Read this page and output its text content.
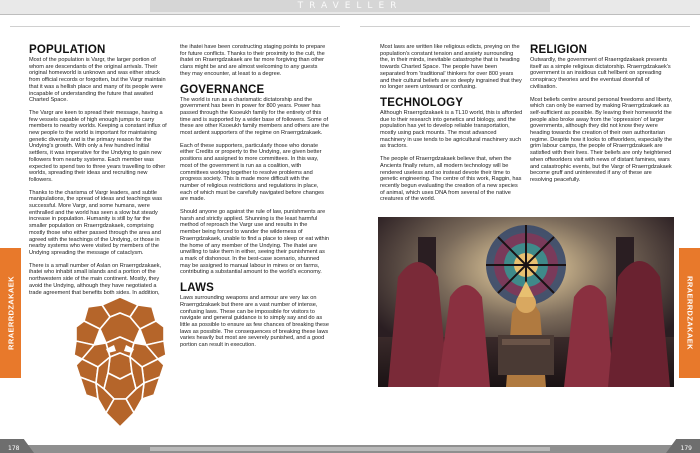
TRAVELLER
POPULATION

Most of the population is Vargr, the larger portion of whom are descendants of the original arrivals. Their original homeworld is unknown and was either struck from official records or forgotten, but the Vargr maintain that it was a hellish place and many of its people were incapable of understanding the future that awaited Charted Space.

The Vargr are keen to spread their message, having a few vessels capable of high enough jumps to carry members to nearby worlds. Keeping a constant influx of new people to the world is important for maintaining genetic diversity and is the primary reason for the Undying's growth. With only a few hundred initial settlers, it was imperative for the Undying to gain new followers from nearby systems. Each member was expected to spend two to three years travelling to other worlds, spreading their ideas and recruiting new followers.

Thanks to the charisma of Vargr leaders, and subtle manipulations, the spread of ideas and teachings was successful. More Vargr, and some humans, were enthralled and the world has seen a slow but steady increase in population. Humanity is still by far the smaller population on Rraerrgdzakaek, comprising mostly those who either passed through the area and agreed with the teachings of the Undying, or those in nearby systems who were visited by members of the Undying spreading the message of cataclysm.

There is a small number of Aslan on Rraerrgdzakaek, ihatei who inhabit small islands and a portion of the northwestern side of the main continent. Mostly, they avoid the Undying, although they have negotiated a trade agreement that benefits both sides. In addition,

the ihatei have been constructing staging points to prepare for future conflicts. Thanks to their proximity to the cult, the ihatei on Rraerrgdzakaek are far more forgiving than other clans might be and are almost welcoming to any guests they may encounter, at least to a degree.

GOVERNANCE

The world is run as a charismatic dictatorship and the government has been in power for 800 years. Power has passed through the Ksoeukh family for the entirety of this time and is supported by a wider base of followers. Some of these are other Ksoeukh family members and others are the most ardent supporters of the regime on Rraerrgdzakaek.

Each of these supporters, particularly those who donate either Credits or property to the Undying, are given better positions and assigned to more committees. In this way, most of the government is run as a coalition, with committees working together to resolve problems and progress society. This is made more difficult with the number of religious restrictions and regulations in place, each of which must be carefully navigated before changes are made.

Should anyone go against the rule of law, punishments are harsh and strictly applied. Shunning is the least harmful method of reproach the Vargr use and results in the member being forced to wander the wilderness of Rraerrgdzakaek, unable to find a place to sleep or eat within the home of any member of the Undying. The ihatei are unwilling to take them in either, seeing their punishment as a mark of dishonour. In the best-case scenario, shunned may be assigned to manual labour in mines or on farms, contributing a substantial amount to the world's economy.

LAWS

Laws surrounding weapons and armour are very lax on Rraerrgdzakaek but there are a vast number of intense, confusing laws. These can be impossible for visitors to navigate and general guidance is to simply say and do as little as possible to ensure as few chances of breaking these laws as possible. The consequences of breaking these laws varies heavily but most are severely punished, and a good portion can result in execution.

Most laws are written like religious edicts, preying on the population's constant tension and anxiety surrounding the, in their minds, inevitable catastrophe that is heading towards Charted Space. The people have been separated from 'traditional' thinkers for over 800 years and their cultural beliefs are so deeply ingrained that they no longer seem untoward or confusing.

TECHNOLOGY

Although Rraerrgdzakaek is a TL10 world, this is afforded due to their research into genetics and biology, and the population has yet to develop reliable transportation, mostly using pack mounts. The most advanced machinery in use tends to be agricultural machinery such as tractors.

The people of Rraerrgdzakaek believe that, when the Ancients finally return, all modern technology will be rendered useless and so instead devote their time to genetic engineering. The centre of this work, Raggin, has recently begun evaluating the creation of a new species of animal, which uses DNA from several of the native creatures of the world.

RELIGION

Outwardly, the government of Rraerrgdzakaek presents itself as a simple religious dictatorship. Rraerrgdzakaek's government is an insidious cult hellbent on spreading conspiracy theories and the eventual downfall of civilisation.

Most beliefs centre around personal freedoms and liberty, which can only be earned by making Rraerrgdzakaek as self-sufficient as possible. By leaving their homeworld the people also broke away from the 'oppression' of larger governments, although they did not know they were heading towards the creation of their own authoritarian regime. Despite how it looks to offworlders, especially the grim labour camps, the people of Rraerrgdzakaek are satisfied with their lives. Their beliefs are only heightened when offworlders visit with news of distant famines, wars and catastrophic events, but the Vargr of Rraerrgdzakaek become gruff and uninterested if any of these are resolving peacefully.

RRAERRDZAKAEK	RRAERRDZAKAEK
178	179
